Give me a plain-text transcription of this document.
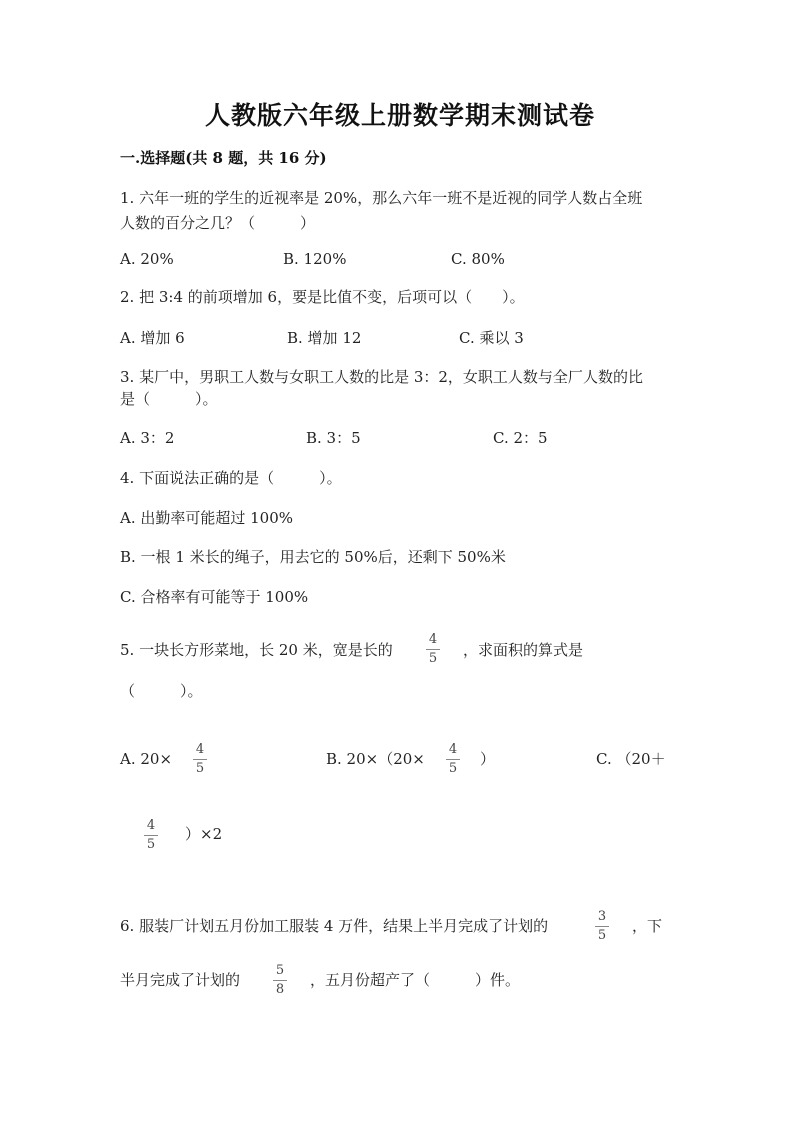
人教版六年级上册数学期末测试卷
一.选择题(共 8 题，共 16 分)
1. 六年一班的学生的近视率是 20%，那么六年一班不是近视的同学人数占全班
人数的百分之几？（　　　）
A. 20%	B. 120%	C. 80%
2. 把 3:4 的前项增加 6，要是比值不变，后项可以（　　）。
A. 增加 6	B. 增加 12	C. 乘以 3
3. 某厂中，男职工人数与女职工人数的比是 3：2，女职工人数与全厂人数的比
是（　　　）。
A. 3：2	B. 3：5	C. 2：5
4. 下面说法正确的是（　　　）。
A. 出勤率可能超过 100%
B. 一根 1 米长的绳子，用去它的 50%后，还剩下 50%米
C. 合格率有可能等于 100%
5. 一块长方形菜地，长 20 米，宽是长的
4
5	，求面积的算式是
（　　　）。
A. 20×
4
5
B. 20×（20×
4
5
）	C. （20＋
4
5
）×2
6. 服装厂计划五月份加工服装 4 万件，结果上半月完成了计划的
3
5
，下
半月完成了计划的
5
8
，五月份超产了（　　　）件。
